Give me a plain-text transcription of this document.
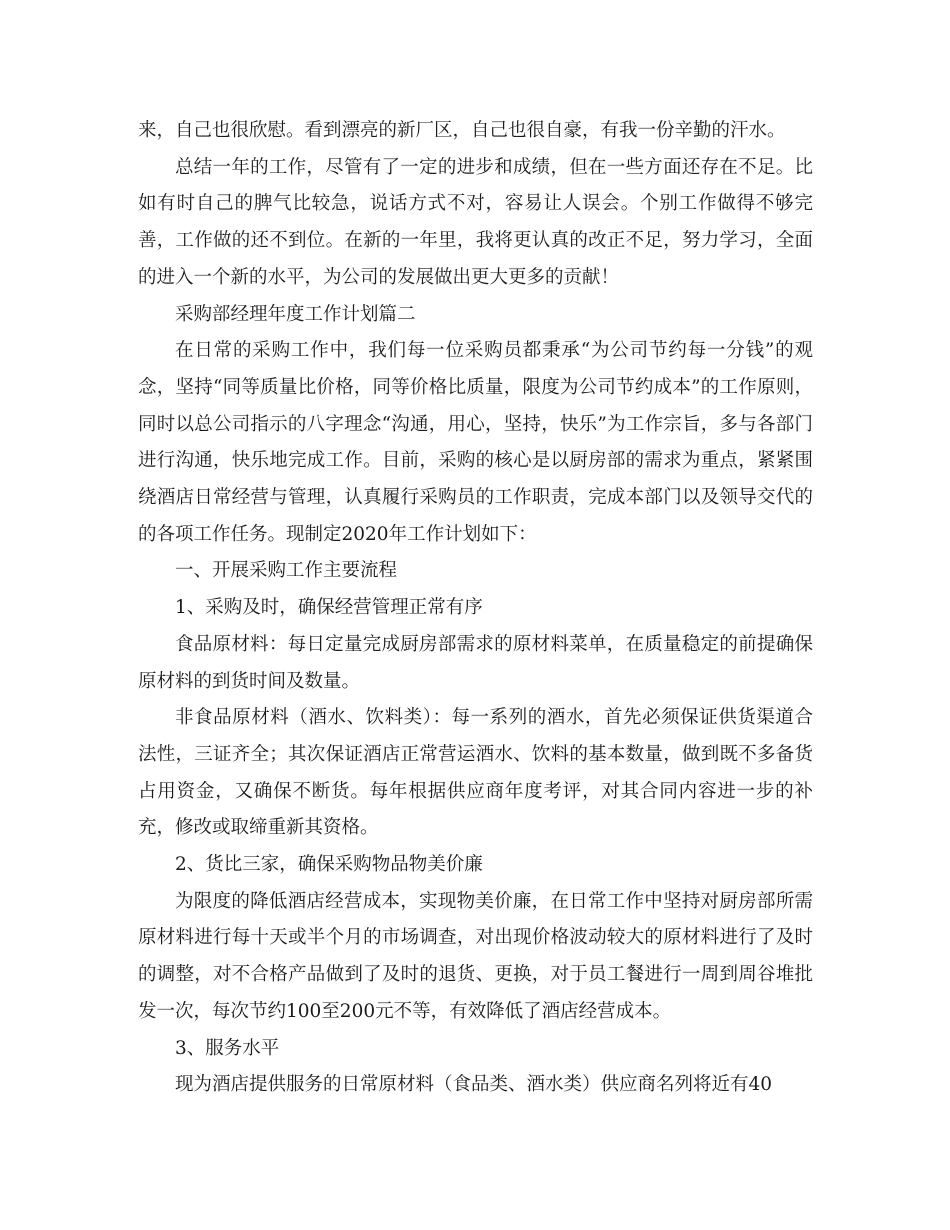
来，自己也很欣慰。看到漂亮的新厂区，自己也很自豪，有我一份辛勤的汗水。

总结一年的工作，尽管有了一定的进步和成绩，但在一些方面还存在不足。比如有时自己的脾气比较急，说话方式不对，容易让人误会。个别工作做得不够完善，工作做的还不到位。在新的一年里，我将更认真的改正不足，努力学习，全面的进入一个新的水平，为公司的发展做出更大更多的贡献！

采购部经理年度工作计划篇二

在日常的采购工作中，我们每一位采购员都秉承“为公司节约每一分钱”的观念，坚持“同等质量比价格，同等价格比质量，限度为公司节约成本”的工作原则，同时以总公司指示的八字理念“沟通，用心，坚持，快乐”为工作宗旨，多与各部门进行沟通，快乐地完成工作。目前，采购的核心是以厨房部的需求为重点，紧紧围绕酒店日常经营与管理，认真履行采购员的工作职责，完成本部门以及领导交代的的各项工作任务。现制定2020年工作计划如下：

一、开展采购工作主要流程

1、采购及时，确保经营管理正常有序

食品原材料：每日定量完成厨房部需求的原材料菜单，在质量稳定的前提确保原材料的到货时间及数量。

非食品原材料（酒水、饮料类）：每一系列的酒水，首先必须保证供货渠道合法性，三证齐全；其次保证酒店正常营运酒水、饮料的基本数量，做到既不多备货占用资金，又确保不断货。每年根据供应商年度考评，对其合同内容进一步的补充，修改或取缔重新其资格。

2、货比三家，确保采购物品物美价廉

为限度的降低酒店经营成本，实现物美价廉，在日常工作中坚持对厨房部所需原材料进行每十天或半个月的市场调查，对出现价格波动较大的原材料进行了及时的调整，对不合格产品做到了及时的退货、更换，对于员工餐进行一周到周谷堆批发一次，每次节约100至200元不等，有效降低了酒店经营成本。

3、服务水平

现为酒店提供服务的日常原材料（食品类、酒水类）供应商名列将近有40
